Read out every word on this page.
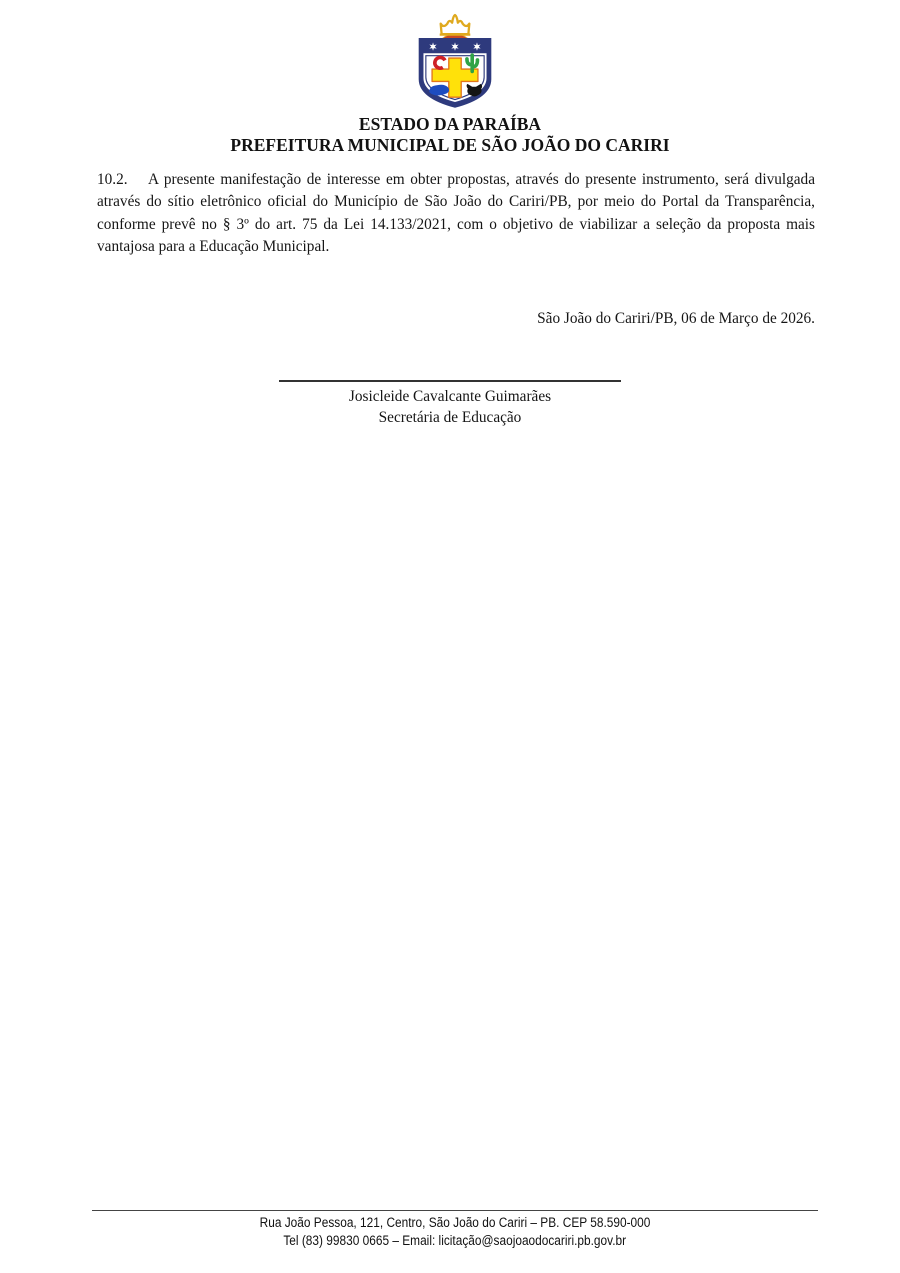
ESTADO DA PARAÍBA
PREFEITURA MUNICIPAL DE SÃO JOÃO DO CARIRI

10.2. A presente manifestação de interesse em obter propostas, através do presente instrumento, será divulgada através do sítio eletrônico oficial do Município de São João do Cariri/PB, por meio do Portal da Transparência, conforme prevê no § 3º do art. 75 da Lei 14.133/2021, com o objetivo de viabilizar a seleção da proposta mais vantajosa para a Educação Municipal.

São João do Cariri/PB, 06 de Março de 2026.
Josicleide Cavalcante Guimarães
Secretária de Educação
Rua João Pessoa, 121, Centro, São João do Cariri – PB. CEP 58.590-000
Tel (83) 99830 0665 – Email: licitação@saojoaodocariri.pb.gov.br
